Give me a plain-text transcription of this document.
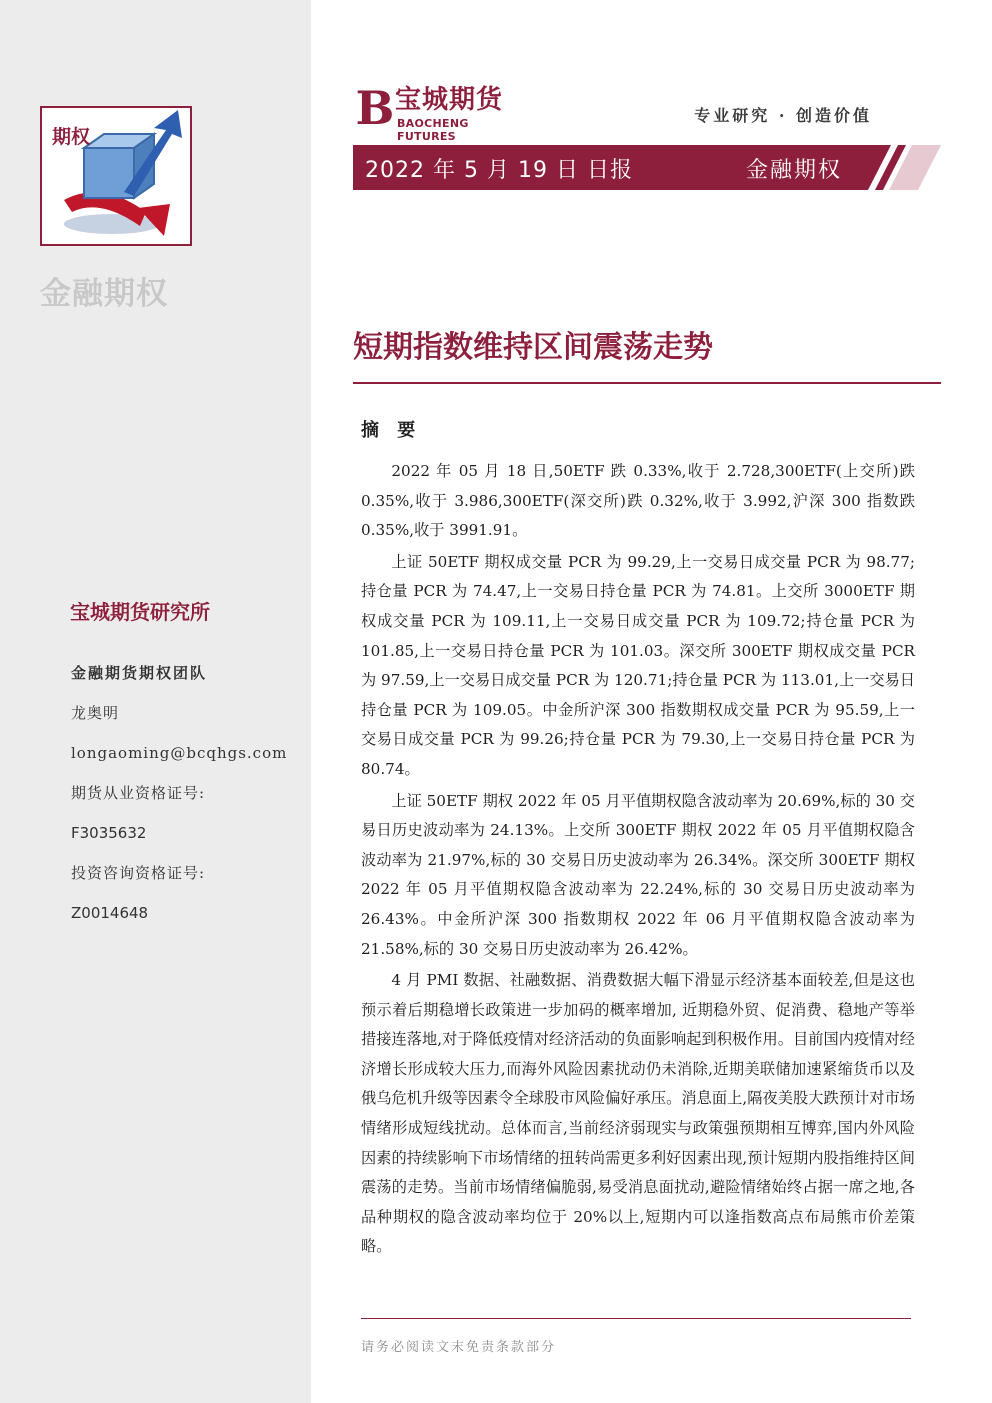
期权
金融期权
宝城期货研究所
金融期货期权团队
龙奥明
longaoming@bcqhgs.com
期货从业资格证号:
F3035632
投资咨询资格证号:
Z0014648
B 宝城期货
BAOCHENG FUTURES
专业研究 · 创造价值
2022 年 5 月 19 日 日报	金融期权
短期指数维持区间震荡走势
摘 要

2022 年 05 月 18 日,50ETF 跌 0.33%,收于 2.728,300ETF(上交所)跌 0.35%,收于 3.986,300ETF(深交所)跌 0.32%,收于 3.992,沪深 300 指数跌 0.35%,收于 3991.91。

上证 50ETF 期权成交量 PCR 为 99.29,上一交易日成交量 PCR 为 98.77;持仓量 PCR 为 74.47,上一交易日持仓量 PCR 为 74.81。上交所 3000ETF 期权成交量 PCR 为 109.11,上一交易日成交量 PCR 为 109.72;持仓量 PCR 为 101.85,上一交易日持仓量 PCR 为 101.03。深交所 300ETF 期权成交量 PCR 为 97.59,上一交易日成交量 PCR 为 120.71;持仓量 PCR 为 113.01,上一交易日持仓量 PCR 为 109.05。中金所沪深 300 指数期权成交量 PCR 为 95.59,上一交易日成交量 PCR 为 99.26;持仓量 PCR 为 79.30,上一交易日持仓量 PCR 为 80.74。

上证 50ETF 期权 2022 年 05 月平值期权隐含波动率为 20.69%,标的 30 交易日历史波动率为 24.13%。上交所 300ETF 期权 2022 年 05 月平值期权隐含波动率为 21.97%,标的 30 交易日历史波动率为 26.34%。深交所 300ETF 期权 2022 年 05 月平值期权隐含波动率为 22.24%,标的 30 交易日历史波动率为 26.43%。中金所沪深 300 指数期权 2022 年 06 月平值期权隐含波动率为 21.58%,标的 30 交易日历史波动率为 26.42%。

4 月 PMI 数据、社融数据、消费数据大幅下滑显示经济基本面较差,但是这也预示着后期稳增长政策进一步加码的概率增加, 近期稳外贸、促消费、稳地产等举措接连落地,对于降低疫情对经济活动的负面影响起到积极作用。目前国内疫情对经济增长形成较大压力,而海外风险因素扰动仍未消除,近期美联储加速紧缩货币以及俄乌危机升级等因素令全球股市风险偏好承压。消息面上,隔夜美股大跌预计对市场情绪形成短线扰动。总体而言,当前经济弱现实与政策强预期相互博弈,国内外风险因素的持续影响下市场情绪的扭转尚需更多利好因素出现,预计短期内股指维持区间震荡的走势。当前市场情绪偏脆弱,易受消息面扰动,避险情绪始终占据一席之地,各品种期权的隐含波动率均位于 20%以上,短期内可以逢指数高点布局熊市价差策略。

请务必阅读文末免责条款部分
